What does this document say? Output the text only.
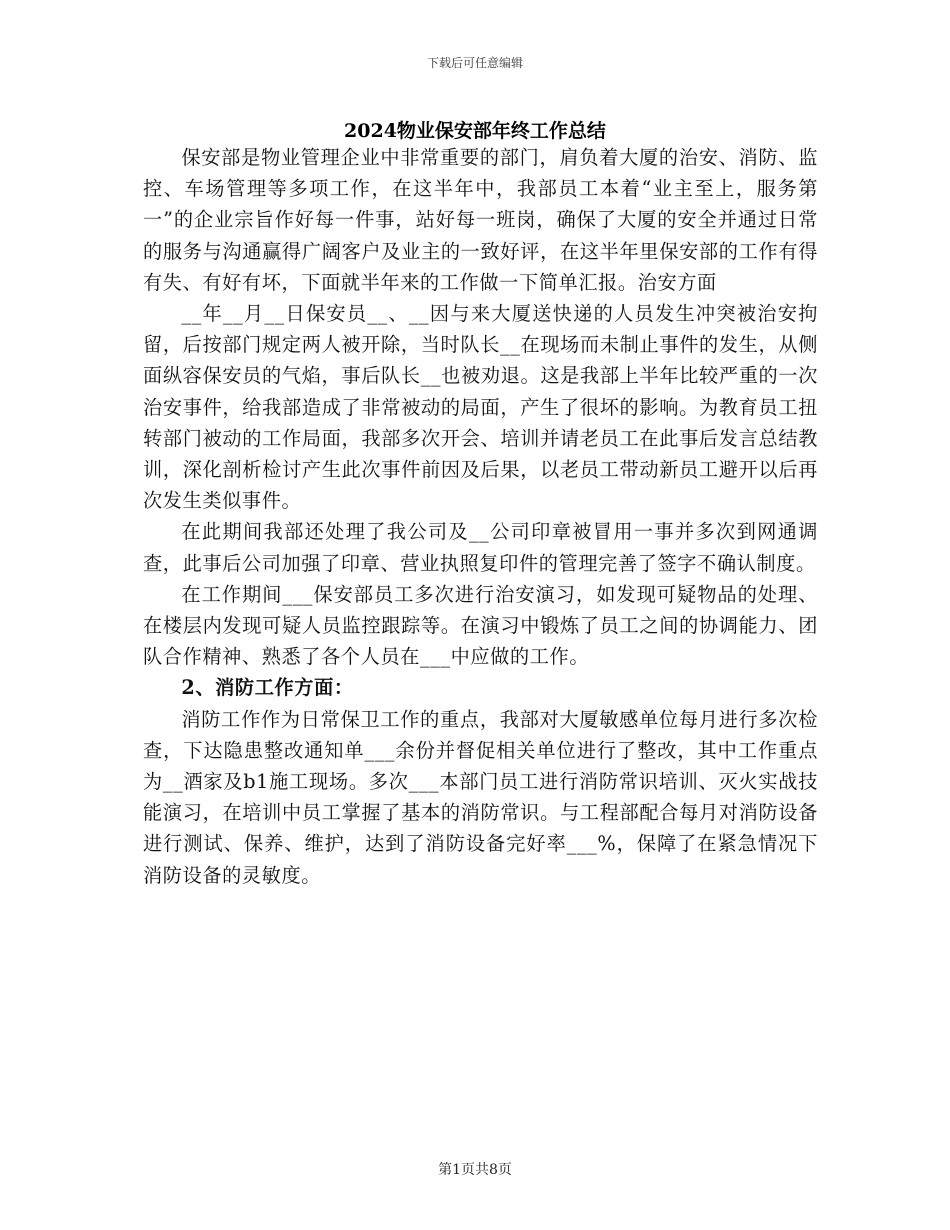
下载后可任意编辑
2024物业保安部年终工作总结

保安部是物业管理企业中非常重要的部门，肩负着大厦的治安、消防、监控、车场管理等多项工作，在这半年中，我部员工本着“业主至上，服务第一”的企业宗旨作好每一件事，站好每一班岗，确保了大厦的安全并通过日常的服务与沟通赢得广阔客户及业主的一致好评，在这半年里保安部的工作有得有失、有好有坏，下面就半年来的工作做一下简单汇报。治安方面

__年__月__日保安员__、__因与来大厦送快递的人员发生冲突被治安拘留，后按部门规定两人被开除，当时队长__在现场而未制止事件的发生，从侧面纵容保安员的气焰，事后队长__也被劝退。这是我部上半年比较严重的一次治安事件，给我部造成了非常被动的局面，产生了很坏的影响。为教育员工扭转部门被动的工作局面，我部多次开会、培训并请老员工在此事后发言总结教训，深化剖析检讨产生此次事件前因及后果，以老员工带动新员工避开以后再次发生类似事件。

在此期间我部还处理了我公司及__公司印章被冒用一事并多次到网通调查，此事后公司加强了印章、营业执照复印件的管理完善了签字不确认制度。

在工作期间___保安部员工多次进行治安演习，如发现可疑物品的处理、在楼层内发现可疑人员监控跟踪等。在演习中锻炼了员工之间的协调能力、团队合作精神、熟悉了各个人员在___中应做的工作。

2、消防工作方面：

消防工作作为日常保卫工作的重点，我部对大厦敏感单位每月进行多次检查，下达隐患整改通知单___余份并督促相关单位进行了整改，其中工作重点为__酒家及b1施工现场。多次___本部门员工进行消防常识培训、灭火实战技能演习，在培训中员工掌握了基本的消防常识。与工程部配合每月对消防设备进行测试、保养、维护，达到了消防设备完好率___%，保障了在紧急情况下消防设备的灵敏度。

第1页共8页
